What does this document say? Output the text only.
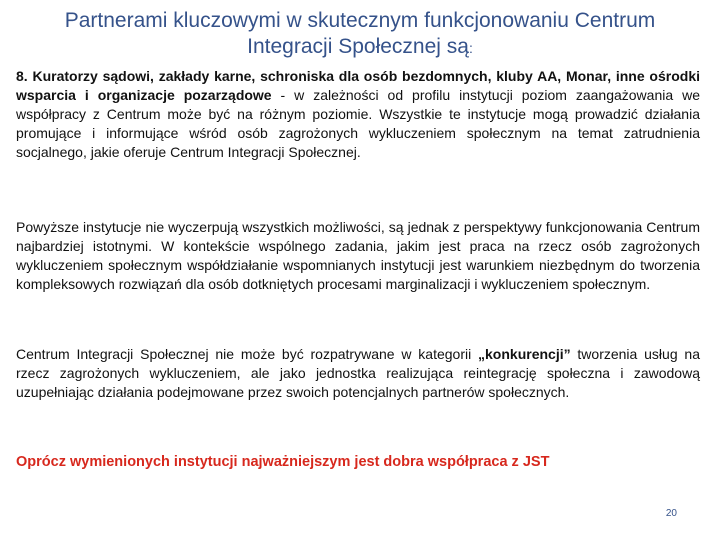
Partnerami kluczowymi w skutecznym funkcjonowaniu Centrum Integracji Społecznej są:
8. Kuratorzy sądowi, zakłady karne, schroniska dla osób bezdomnych, kluby AA, Monar, inne ośrodki wsparcia i organizacje pozarządowe - w zależności od profilu instytucji poziom zaangażowania we współpracy z Centrum może być na różnym poziomie. Wszystkie te instytucje mogą prowadzić działania promujące i informujące wśród osób zagrożonych wykluczeniem społecznym na temat zatrudnienia socjalnego, jakie oferuje Centrum Integracji Społecznej.
Powyższe instytucje nie wyczerpują wszystkich możliwości, są jednak z perspektywy funkcjonowania Centrum najbardziej istotnymi. W kontekście wspólnego zadania, jakim jest praca na rzecz osób zagrożonych wykluczeniem społecznym współdziałanie wspomnianych instytucji jest warunkiem niezbędnym do tworzenia kompleksowych rozwiązań dla osób dotkniętych procesami marginalizacji i wykluczeniem społecznym.
Centrum Integracji Społecznej nie może być rozpatrywane w kategorii „konkurencji” tworzenia usług na rzecz zagrożonych wykluczeniem, ale jako jednostka realizująca reintegrację społeczna i zawodową uzupełniając działania podejmowane przez swoich potencjalnych partnerów społecznych.
Oprócz wymienionych instytucji najważniejszym jest dobra współpraca z JST
20
